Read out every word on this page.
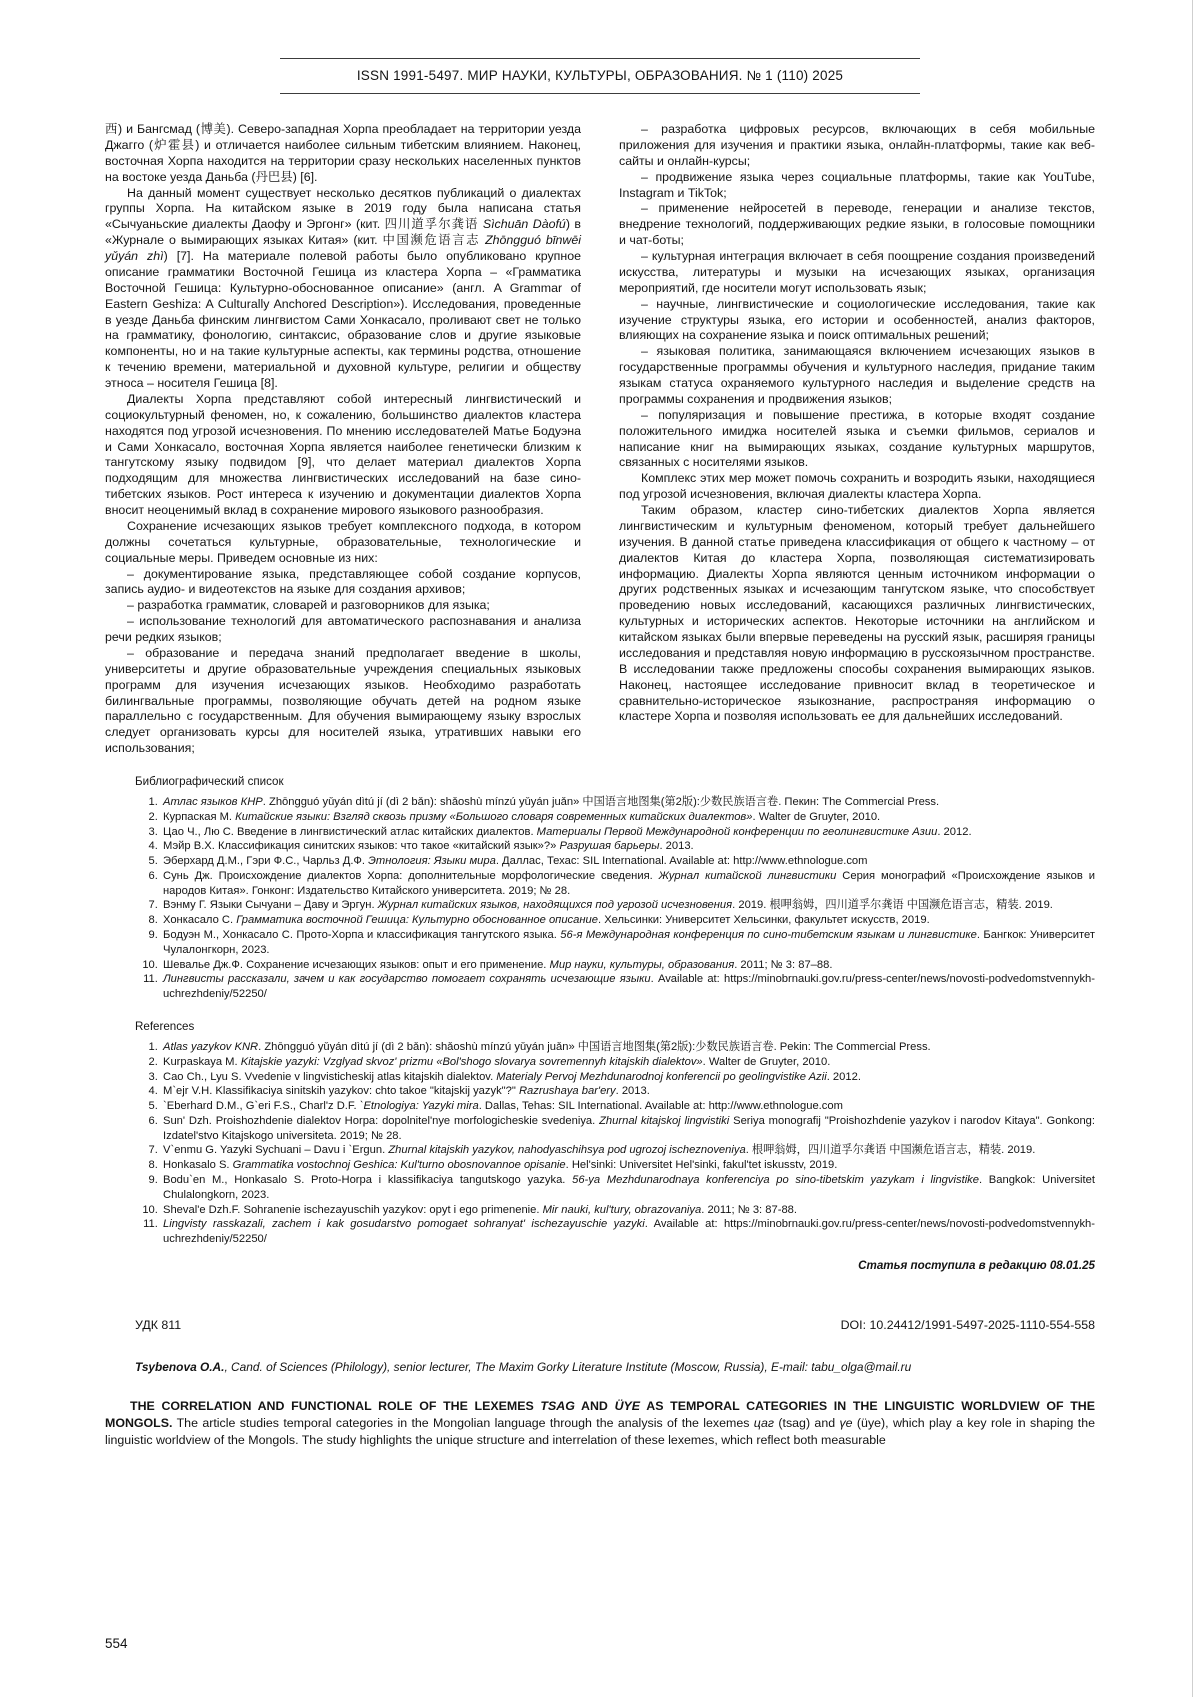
ISSN 1991-5497. МИР НАУКИ, КУЛЬТУРЫ, ОБРАЗОВАНИЯ. № 1 (110) 2025

西) и Бангсмад (博美). Северо-западная Хорпа преобладает на территории уезда Джагго (炉霍县) и отличается наиболее сильным тибетским влиянием. Наконец, восточная Хорпа находится на территории сразу нескольких населенных пунктов на востоке уезда Даньба (丹巴县) [6].

На данный момент существует несколько десятков публикаций о диалектах группы Хорпа. На китайском языке в 2019 году была написана статья «Сычуаньские диалекты Даофу и Эргонг» (кит. 四川道孚尔龚语 Sìchuān Dàofú) в «Журнале о вымирающих языках Китая» (кит. 中国濒危语言志 Zhōngguó bīnwēi yǔyán zhì) [7]. На материале полевой работы было опубликовано крупное описание грамматики Восточной Гешица из кластера Хорпа – «Грамматика Восточной Гешица: Культурно-обоснованное описание» (англ. A Grammar of Eastern Geshiza: A Culturally Anchored Description»). Исследования, проведенные в уезде Даньба финским лингвистом Сами Хонкасало, проливают свет не только на грамматику, фонологию, синтаксис, образование слов и другие языковые компоненты, но и на такие культурные аспекты, как термины родства, отношение к течению времени, материальной и духовной культуре, религии и обществу этноса – носителя Гешица [8].

Диалекты Хорпа представляют собой интересный лингвистический и социокультурный феномен, но, к сожалению, большинство диалектов кластера находятся под угрозой исчезновения. По мнению исследователей Матье Бодуэна и Сами Хонкасало, восточная Хорпа является наиболее генетически близким к тангутскому языку подвидом [9], что делает материал диалектов Хорпа подходящим для множества лингвистических исследований на базе сино-тибетских языков. Рост интереса к изучению и документации диалектов Хорпа вносит неоценимый вклад в сохранение мирового языкового разнообразия.

Сохранение исчезающих языков требует комплексного подхода, в котором должны сочетаться культурные, образовательные, технологические и социальные меры. Приведем основные из них:

– документирование языка, представляющее собой создание корпусов, запись аудио- и видеотекстов на языке для создания архивов;

– разработка грамматик, словарей и разговорников для языка;

– использование технологий для автоматического распознавания и анализа речи редких языков;

– образование и передача знаний предполагает введение в школы, университеты и другие образовательные учреждения специальных языковых программ для изучения исчезающих языков. Необходимо разработать билингвальные программы, позволяющие обучать детей на родном языке параллельно с государственным. Для обучения вымирающему языку взрослых следует организовать курсы для носителей языка, утративших навыки его использования;

– разработка цифровых ресурсов, включающих в себя мобильные приложения для изучения и практики языка, онлайн-платформы, такие как веб-сайты и онлайн-курсы;

– продвижение языка через социальные платформы, такие как YouTube, Instagram и TikTok;

– применение нейросетей в переводе, генерации и анализе текстов, внедрение технологий, поддерживающих редкие языки, в голосовые помощники и чат-боты;

– культурная интеграция включает в себя поощрение создания произведений искусства, литературы и музыки на исчезающих языках, организация мероприятий, где носители могут использовать язык;

– научные, лингвистические и социологические исследования, такие как изучение структуры языка, его истории и особенностей, анализ факторов, влияющих на сохранение языка и поиск оптимальных решений;

– языковая политика, занимающаяся включением исчезающих языков в государственные программы обучения и культурного наследия, придание таким языкам статуса охраняемого культурного наследия и выделение средств на программы сохранения и продвижения языков;

– популяризация и повышение престижа, в которые входят создание положительного имиджа носителей языка и съемки фильмов, сериалов и написание книг на вымирающих языках, создание культурных маршрутов, связанных с носителями языков.

Комплекс этих мер может помочь сохранить и возродить языки, находящиеся под угрозой исчезновения, включая диалекты кластера Хорпа.

Таким образом, кластер сино-тибетских диалектов Хорпа является лингвистическим и культурным феноменом, который требует дальнейшего изучения. В данной статье приведена классификация от общего к частному – от диалектов Китая до кластера Хорпа, позволяющая систематизировать информацию. Диалекты Хорпа являются ценным источником информации о других родственных языках и исчезающим тангутском языке, что способствует проведению новых исследований, касающихся различных лингвистических, культурных и исторических аспектов. Некоторые источники на английском и китайском языках были впервые переведены на русский язык, расширяя границы исследования и представляя новую информацию в русскоязычном пространстве. В исследовании также предложены способы сохранения вымирающих языков. Наконец, настоящее исследование привносит вклад в теоретическое и сравнительно-историческое языкознание, распространяя информацию о кластере Хорпа и позволяя использовать ее для дальнейших исследований.

Библиографический список
1. Атлас языков КНР. Zhōngguó yǔyán dìtú jí (dì 2 bǎn): shǎoshù mínzú yǔyán juǎn» 中国语言地图集(第2版):少数民族语言卷. Пекин: The Commercial Press.
2. Курпаская М. Китайские языки: Взгляд сквозь призму «Большого словаря современных китайских диалектов». Walter de Gruyter, 2010.
3. Цао Ч., Лю С. Введение в лингвистический атлас китайских диалектов. Материалы Первой Международной конференции по геолингвистике Азии. 2012.
4. Мэйр В.Х. Классификация синитских языков: что такое «китайский язык»?» Разрушая барьеры. 2013.
5. Эберхард Д.М., Гэри Ф.С., Чарльз Д.Ф. Этнология: Языки мира. Даллас, Техас: SIL International. Available at: http://www.ethnologue.com
6. Сунь Дж. Происхождение диалектов Хорпа: дополнительные морфологические сведения. Журнал китайской лингвистики Серия монографий «Происхождение языков и народов Китая». Гонконг: Издательство Китайского университета. 2019; № 28.
7. Вэнму Г. Языки Сычуани – Даву и Эргун. Журнал китайских языков, находящихся под угрозой исчезновения. 2019. 根呷翁姆，四川道孚尔龚语 中国濒危语言志，精装. 2019.
8. Хонкасало С. Грамматика восточной Гешица: Культурно обоснованное описание. Хельсинки: Университет Хельсинки, факультет искусств, 2019.
9. Бодуэн М., Хонкасало С. Прото-Хорпа и классификация тангутского языка. 56-я Международная конференция по сино-тибетским языкам и лингвистике. Бангкок: Университет Чулалонгкорн, 2023.
10. Шевалье Дж.Ф. Сохранение исчезающих языков: опыт и его применение. Мир науки, культуры, образования. 2011; № 3: 87–88.
11. Лингвисты рассказали, зачем и как государство помогает сохранять исчезающие языки. Available at: https://minobrnauki.gov.ru/press-center/news/novosti-podvedomstvennykh-uchrezhdeniy/52250/
References
1. Atlas yazykov KNR. Zhōngguó yǔyán dìtú jí (dì 2 bǎn): shǎoshù mínzú yǔyán juǎn» 中国语言地图集(第2版):少数民族语言卷. Pekin: The Commercial Press.
2. Kurpaskaya M. Kitajskie yazyki: Vzglyad skvoz' prizmu «Bol'shogo slovarya sovremennyh kitajskih dialektov». Walter de Gruyter, 2010.
3. Cao Ch., Lyu S. Vvedenie v lingvisticheskij atlas kitajskih dialektov. Materialy Pervoj Mezhdunarodnoj konferencii po geolingvistike Azii. 2012.
4. M`ejr V.H. Klassifikaciya sinitskih yazykov: chto takoe "kitajskij yazyk"?" Razrushaya bar'ery. 2013.
5. `Eberhard D.M., G`eri F.S., Charl'z D.F. `Etnologiya: Yazyki mira. Dallas, Tehas: SIL International. Available at: http://www.ethnologue.com
6. Sun' Dzh. Proishozhdenie dialektov Horpa: dopolnitel'nye morfologicheskie svedeniya. Zhurnal kitajskoj lingvistiki Seriya monografij "Proishozhdenie yazykov i narodov Kitaya". Gonkong: Izdatel'stvo Kitajskogo universiteta. 2019; № 28.
7. V`enmu G. Yazyki Sychuani – Davu i `Ergun. Zhurnal kitajskih yazykov, nahodyaschihsya pod ugrozoj ischeznoveniya. 根呷翁姆，四川道孚尔龚语 中国濒危语言志，精装. 2019.
8. Honkasalo S. Grammatika vostochnoj Geshica: Kul'turno obosnovannoe opisanie. Hel'sinki: Universitet Hel'sinki, fakul'tet iskusstv, 2019.
9. Bodu`en M., Honkasalo S. Proto-Horpa i klassifikaciya tangutskogo yazyka. 56-ya Mezhdunarodnaya konferenciya po sino-tibetskim yazykam i lingvistike. Bangkok: Universitet Chulalongkorn, 2023.
10. Sheval'e Dzh.F. Sohranenie ischezayuschih yazykov: opyt i ego primenenie. Mir nauki, kul'tury, obrazovaniya. 2011; № 3: 87-88.
11. Lingvisty rasskazali, zachem i kak gosudarstvo pomogaet sohranyat' ischezayuschie yazyki. Available at: https://minobrnauki.gov.ru/press-center/news/novosti-podvedomstvennykh-uchrezhdeniy/52250/
Статья поступила в редакцию 08.01.25
УДК 811	DOI: 10.24412/1991-5497-2025-1110-554-558
Tsybenova O.A., Cand. of Sciences (Philology), senior lecturer, The Maxim Gorky Literature Institute (Moscow, Russia), E-mail: tabu_olga@mail.ru

THE CORRELATION AND FUNCTIONAL ROLE OF THE LEXEMES TSAG AND ÜYE AS TEMPORAL CATEGORIES IN THE LINGUISTIC WORLDVIEW OF THE MONGOLS. The article studies temporal categories in the Mongolian language through the analysis of the lexemes цаг (tsag) and үе (üye), which play a key role in shaping the linguistic worldview of the Mongols. The study highlights the unique structure and interrelation of these lexemes, which reflect both measurable

554
